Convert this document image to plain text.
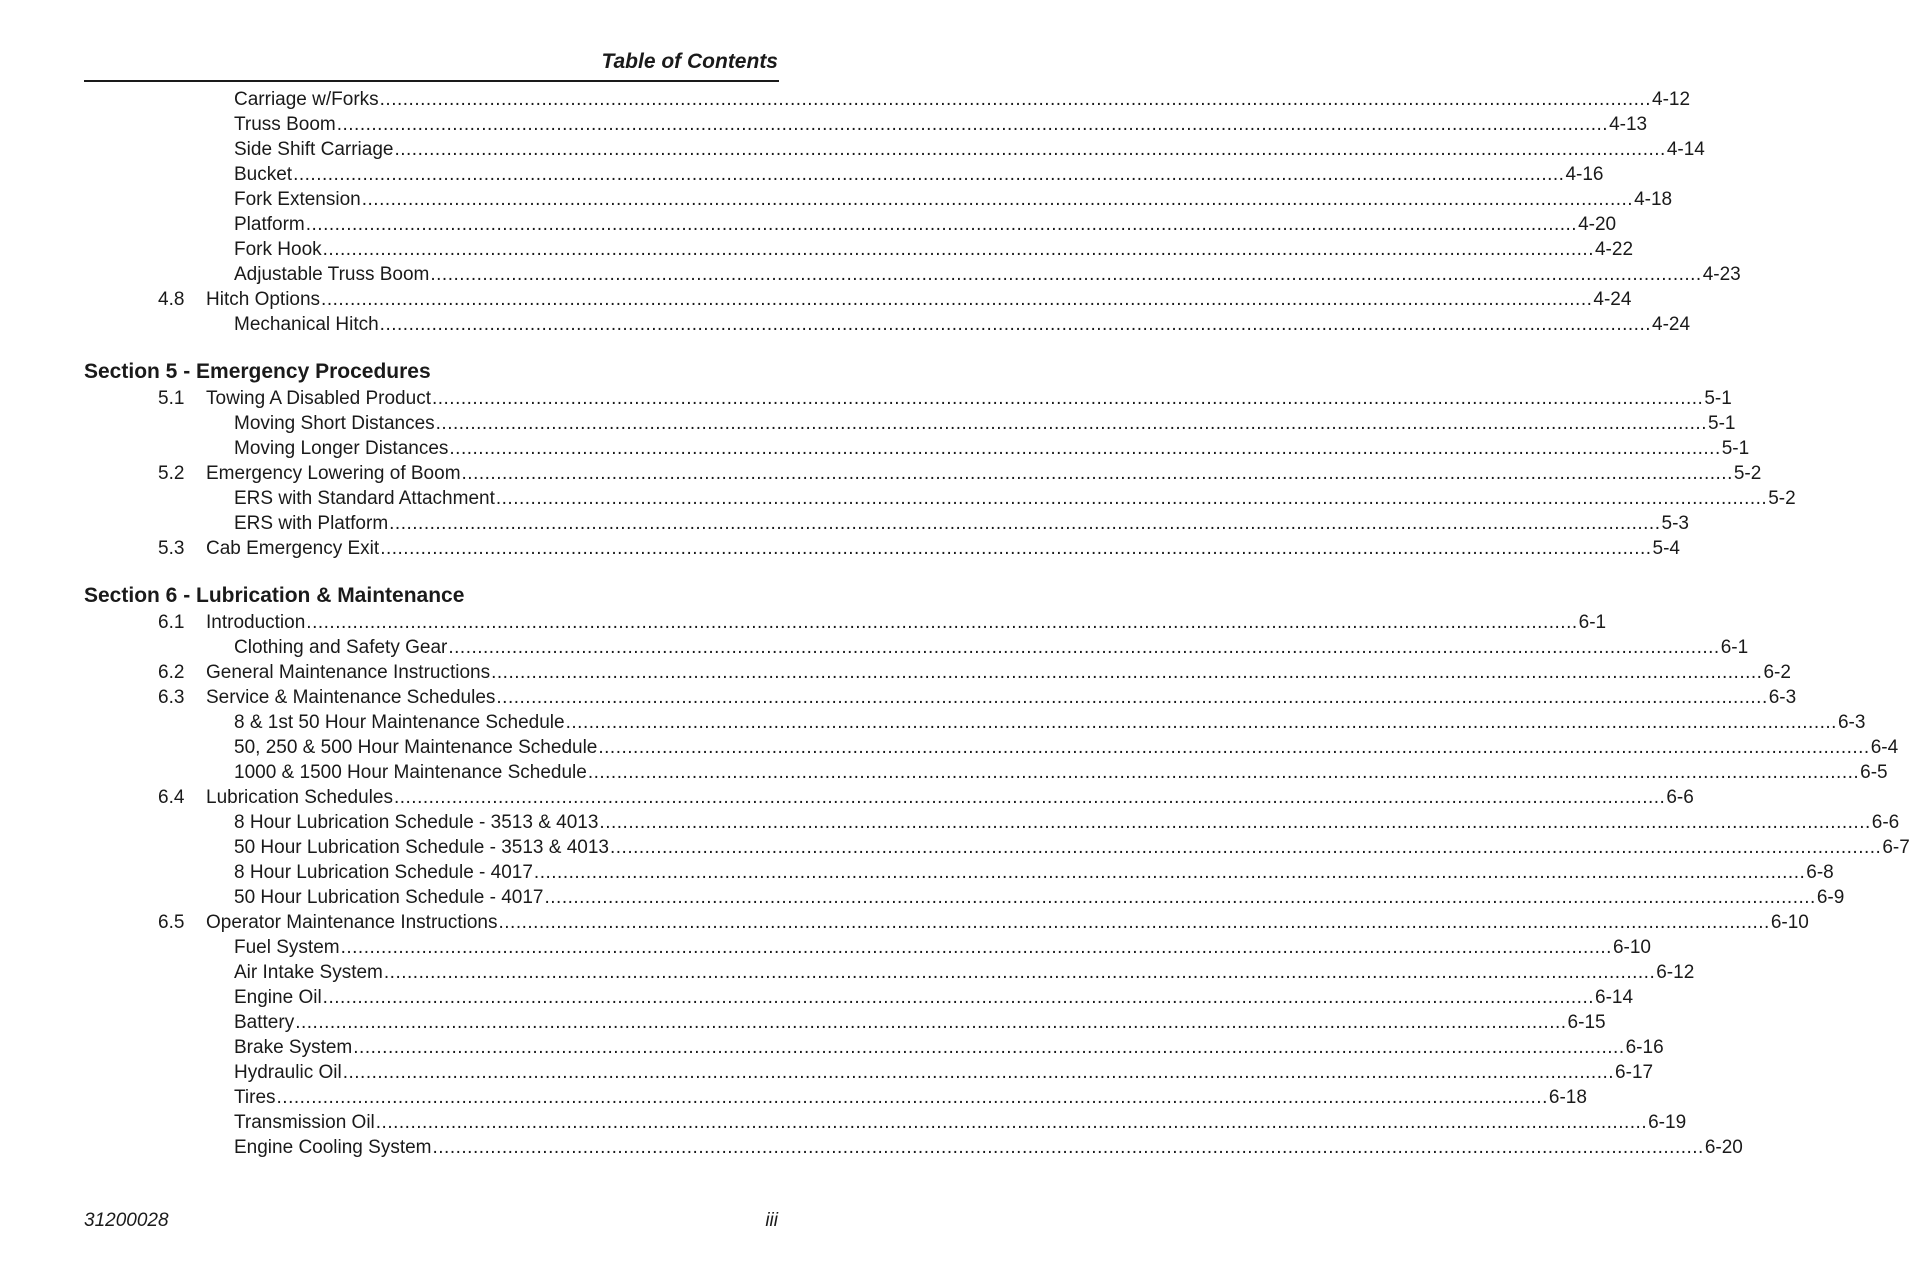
Table of Contents
Carriage w/Forks ............................................................................................................................................................................................................................ 4-12
Truss Boom ............................................................................................................................................................................................................................ 4-13
Side Shift Carriage ............................................................................................................................................................................................................................ 4-14
Bucket ............................................................................................................................................................................................................................ 4-16
Fork Extension ............................................................................................................................................................................................................................ 4-18
Platform ............................................................................................................................................................................................................................ 4-20
Fork Hook ............................................................................................................................................................................................................................ 4-22
Adjustable Truss Boom ............................................................................................................................................................................................................................ 4-23
4.8 Hitch Options ............................................................................................................................................................................................................................ 4-24
Mechanical Hitch ............................................................................................................................................................................................................................ 4-24
Section 5 - Emergency Procedures
5.1 Towing A Disabled Product ............................................................................................................................................................................................................................ 5-1
Moving Short Distances ............................................................................................................................................................................................................................ 5-1
Moving Longer Distances ............................................................................................................................................................................................................................ 5-1
5.2 Emergency Lowering of Boom ............................................................................................................................................................................................................................ 5-2
ERS with Standard Attachment ............................................................................................................................................................................................................................ 5-2
ERS with Platform ............................................................................................................................................................................................................................ 5-3
5.3 Cab Emergency Exit ............................................................................................................................................................................................................................ 5-4
Section 6 - Lubrication & Maintenance
6.1 Introduction ............................................................................................................................................................................................................................ 6-1
Clothing and Safety Gear ............................................................................................................................................................................................................................ 6-1
6.2 General Maintenance Instructions ............................................................................................................................................................................................................................ 6-2
6.3 Service & Maintenance Schedules ............................................................................................................................................................................................................................ 6-3
8 & 1st 50 Hour Maintenance Schedule ............................................................................................................................................................................................................................ 6-3
50, 250 & 500 Hour Maintenance Schedule ............................................................................................................................................................................................................................ 6-4
1000 & 1500 Hour Maintenance Schedule ............................................................................................................................................................................................................................ 6-5
6.4 Lubrication Schedules ............................................................................................................................................................................................................................ 6-6
8 Hour Lubrication Schedule - 3513 & 4013 ............................................................................................................................................................................................................................ 6-6
50 Hour Lubrication Schedule - 3513 & 4013 ............................................................................................................................................................................................................................ 6-7
8 Hour Lubrication Schedule - 4017 ............................................................................................................................................................................................................................ 6-8
50 Hour Lubrication Schedule - 4017 ............................................................................................................................................................................................................................ 6-9
6.5 Operator Maintenance Instructions ............................................................................................................................................................................................................................ 6-10
Fuel System ............................................................................................................................................................................................................................ 6-10
Air Intake System ............................................................................................................................................................................................................................ 6-12
Engine Oil ............................................................................................................................................................................................................................ 6-14
Battery ............................................................................................................................................................................................................................ 6-15
Brake System ............................................................................................................................................................................................................................ 6-16
Hydraulic Oil ............................................................................................................................................................................................................................ 6-17
Tires ............................................................................................................................................................................................................................ 6-18
Transmission Oil ............................................................................................................................................................................................................................ 6-19
Engine Cooling System ............................................................................................................................................................................................................................ 6-20
31200028	iii
